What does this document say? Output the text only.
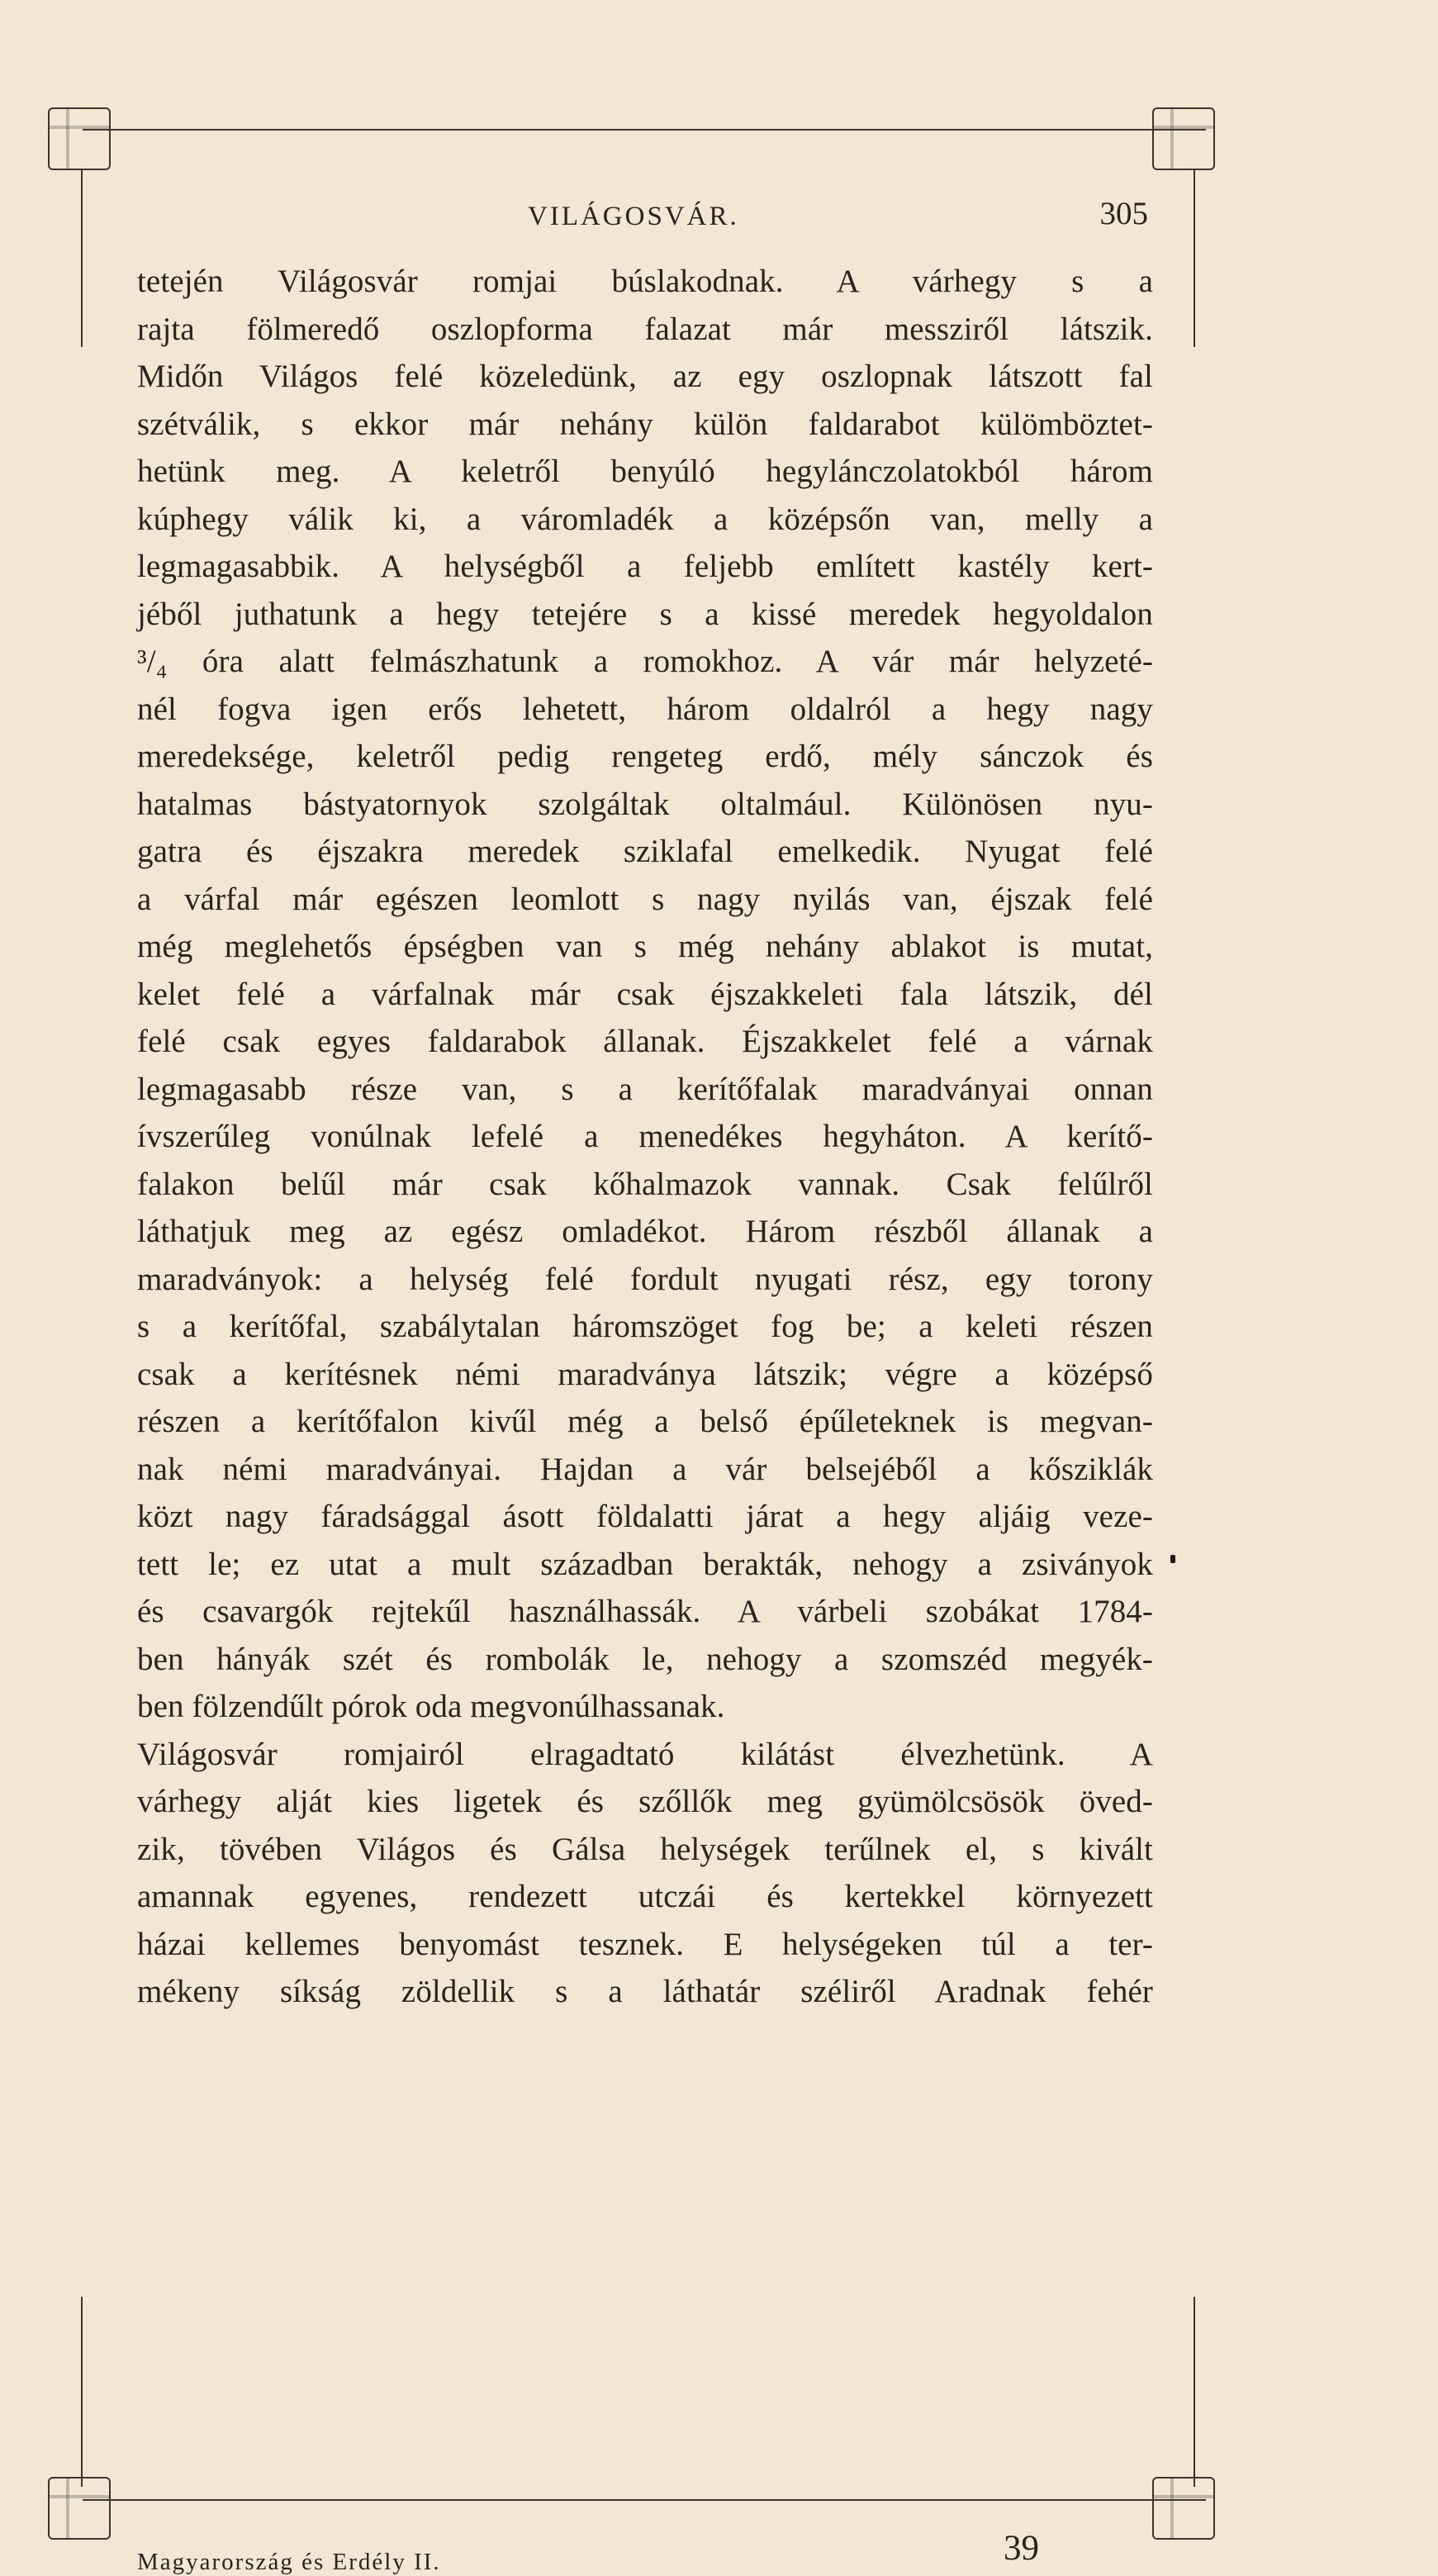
VILÁGOSVÁR.	305
tetején Világosvár romjai búslakodnak. A várhegy s a
rajta fölmeredő oszlopforma falazat már messziről látszik.
Midőn Világos felé közeledünk, az egy oszlopnak látszott fal
szétválik, s ekkor már nehány külön faldarabot külömböztet-
hetünk meg. A keletről benyúló hegylánczolatokból három
kúphegy válik ki, a váromladék a középsőn van, melly a
legmagasabbik. A helységből a feljebb említett kastély kert-
jéből juthatunk a hegy tetejére s a kissé meredek hegyoldalon
³/₄ óra alatt felmászhatunk a romokhoz. A vár már helyzeté-
nél fogva igen erős lehetett, három oldalról a hegy nagy
meredeksége, keletről pedig rengeteg erdő, mély sánczok és
hatalmas bástyatornyok szolgáltak oltalmául. Különösen nyu-
gatra és éjszakra meredek sziklafal emelkedik. Nyugat felé
a várfal már egészen leomlott s nagy nyilás van, éjszak felé
még meglehetős épségben van s még nehány ablakot is mutat,
kelet felé a várfalnak már csak éjszakkeleti fala látszik, dél
felé csak egyes faldarabok állanak. Éjszakkelet felé a várnak
legmagasabb része van, s a kerítőfalak maradványai onnan
ívszerűleg vonúlnak lefelé a menedékes hegyháton. A kerítő-
falakon belűl már csak kőhalmazok vannak. Csak felűlről
láthatjuk meg az egész omladékot. Három részből állanak a
maradványok: a helység felé fordult nyugati rész, egy torony
s a kerítőfal, szabálytalan háromszöget fog be; a keleti részen
csak a kerítésnek némi maradványa látszik; végre a középső
részen a kerítőfalon kivűl még a belső épűleteknek is megvan-
nak némi maradványai. Hajdan a vár belsejéből a kősziklák
közt nagy fáradsággal ásott földalatti járat a hegy aljáig veze-
tett le; ez utat a mult században berakták, nehogy a zsiványok
és csavargók rejtekűl használhassák. A várbeli szobákat 1784-
ben hányák szét és rombolák le, nehogy a szomszéd megyék-
ben fölzendűlt pórok oda megvonúlhassanak.
Világosvár romjairól elragadtató kilátást élvezhetünk. A
várhegy alját kies ligetek és szőllők meg gyümölcsösök öved-
zik, tövében Világos és Gálsa helységek terűlnek el, s kivált
amannak egyenes, rendezett utczái és kertekkel környezett
házai kellemes benyomást tesznek. E helységeken túl a ter-
mékeny síkság zöldellik s a láthatár széliről Aradnak fehér
Magyarország és Erdély II.	39
